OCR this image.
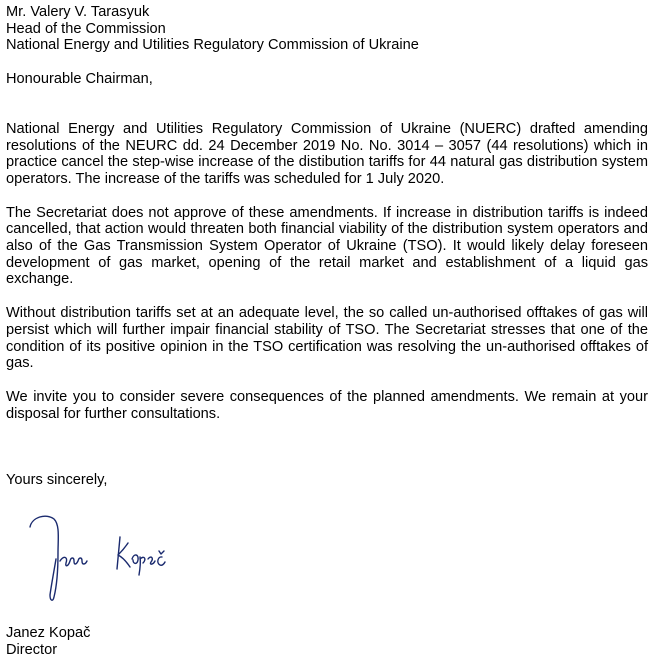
Mr. Valery V. Tarasyuk
Head of the Commission
National Energy and Utilities Regulatory Commission of Ukraine

Honourable Chairman,

National Energy and Utilities Regulatory Commission of Ukraine (NUERC) drafted amending resolutions of the NEURC dd. 24 December 2019 No. No. 3014 – 3057 (44 resolutions) which in practice cancel the step-wise increase of the distibution tariffs for 44 natural gas distribution system operators. The increase of the tariffs was scheduled for 1 July 2020.

The Secretariat does not approve of these amendments. If increase in distribution tariffs is indeed cancelled, that action would threaten both financial viability of the distribution system operators and also of the Gas Transmission System Operator of Ukraine (TSO). It would likely delay foreseen development of gas market, opening of the retail market and establishment of a liquid gas exchange.

Without distribution tariffs set at an adequate level, the so called un-authorised offtakes of gas will persist which will further impair financial stability of TSO. The Secretariat stresses that one of the condition of its positive opinion in the TSO certification was resolving the un-authorised offtakes of gas.

We invite you to consider severe consequences of the planned amendments. We remain at your disposal for further consultations.

Yours sincerely,

Janez Kopač
Director
